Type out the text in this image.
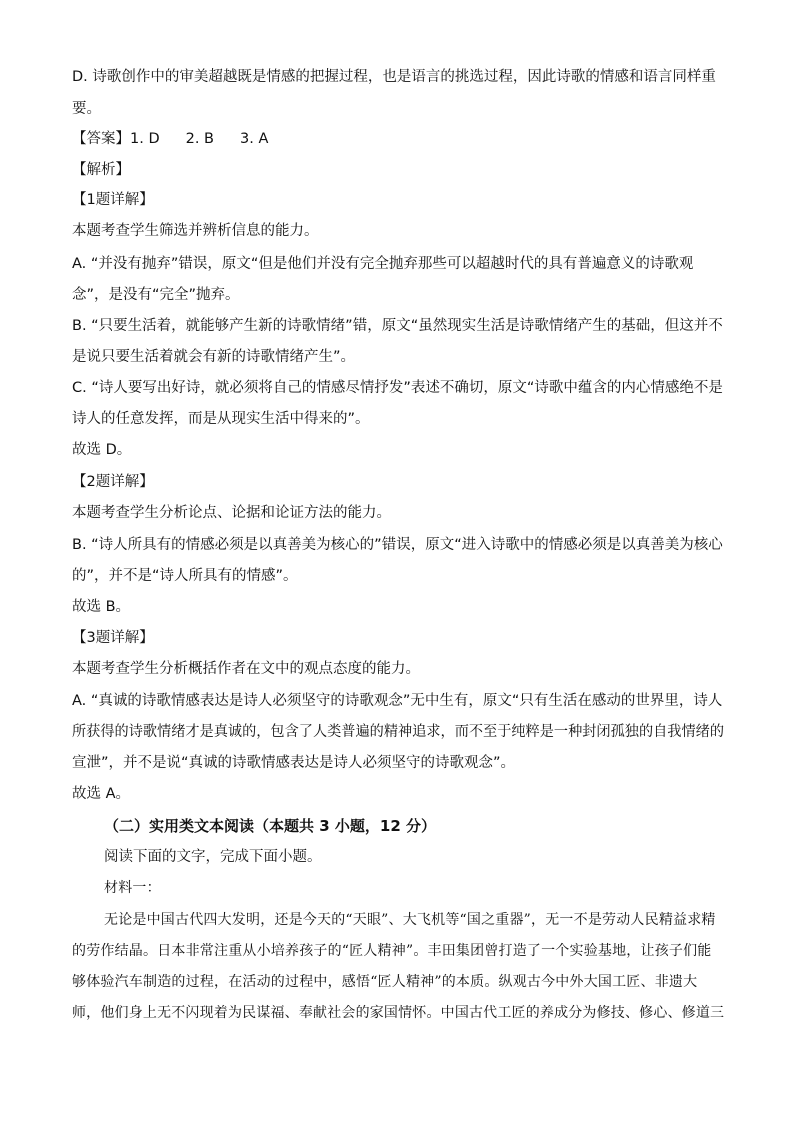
D. 诗歌创作中的审美超越既是情感的把握过程，也是语言的挑选过程，因此诗歌的情感和语言同样重
要。
【答案】1. D 2. B 3. A
【解析】
【1题详解】
本题考查学生筛选并辨析信息的能力。
A. “并没有抛弃”错误，原文“但是他们并没有完全抛弃那些可以超越时代的具有普遍意义的诗歌观
念”，是没有“完全”抛弃。
B. “只要生活着，就能够产生新的诗歌情绪”错，原文“虽然现实生活是诗歌情绪产生的基础，但这并不
是说只要生活着就会有新的诗歌情绪产生”。
C. “诗人要写出好诗，就必须将自己的情感尽情抒发”表述不确切，原文“诗歌中蕴含的内心情感绝不是
诗人的任意发挥，而是从现实生活中得来的”。
故选 D。
【2题详解】
本题考查学生分析论点、论据和论证方法的能力。
B. “诗人所具有的情感必须是以真善美为核心的”错误，原文“进入诗歌中的情感必须是以真善美为核心
的”，并不是“诗人所具有的情感”。
故选 B。
【3题详解】
本题考查学生分析概括作者在文中的观点态度的能力。
A. “真诚的诗歌情感表达是诗人必须坚守的诗歌观念”无中生有，原文“只有生活在感动的世界里，诗人
所获得的诗歌情绪才是真诚的，包含了人类普遍的精神追求，而不至于纯粹是一种封闭孤独的自我情绪的
宣泄”，并不是说“真诚的诗歌情感表达是诗人必须坚守的诗歌观念”。
故选 A。
（二）实用类文本阅读（本题共 3 小题，12 分）
阅读下面的文字，完成下面小题。
材料一：
无论是中国古代四大发明，还是今天的“天眼”、大飞机等“国之重器”，无一不是劳动人民精益求精
的劳作结晶。日本非常注重从小培养孩子的“匠人精神”。丰田集团曾打造了一个实验基地，让孩子们能
够体验汽车制造的过程，在活动的过程中，感悟“匠人精神”的本质。纵观古今中外大国工匠、非遗大
师，他们身上无不闪现着为民谋福、奉献社会的家国情怀。中国古代工匠的养成分为修技、修心、修道三
